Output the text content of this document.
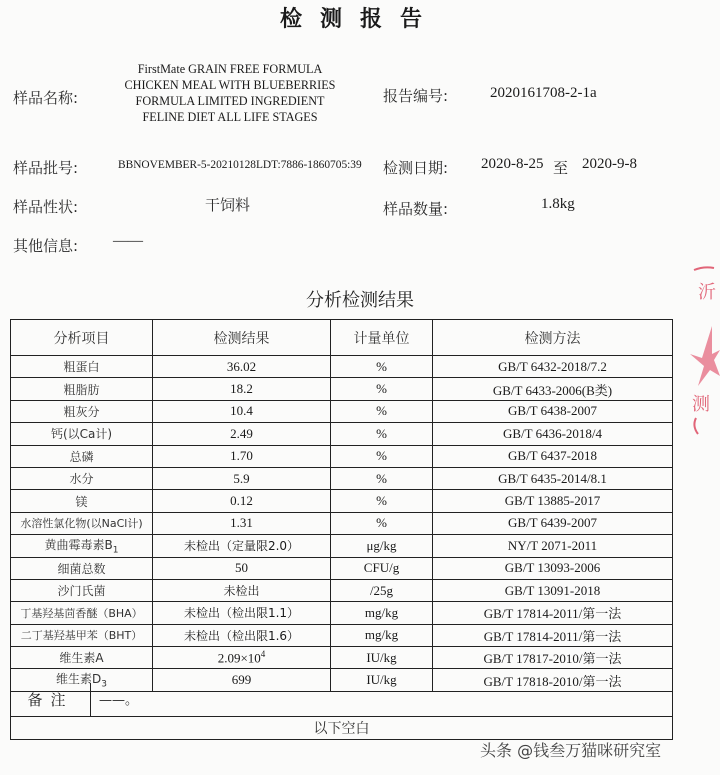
检测报告
样品名称:
FirstMate GRAIN FREE FORMULA
CHICKEN MEAL WITH BLUEBERRIES
FORMULA LIMITED INGREDIENT
FELINE DIET ALL LIFE STAGES
报告编号:	2020161708-2-1a
样品批号:	BBNOVEMBER-5-20210128LDT:7886-1860705:39 检测日期: 2020-8-25 至 2020-9-8
样品性状:	干饲料	样品数量:	1.8kg
其他信息: ——
分析检测结果
分析项目	检测结果	计量单位	检测方法
粗蛋白	36.02	%	GB/T 6432-2018/7.2
粗脂肪	18.2	%	GB/T 6433-2006(B类)
粗灰分	10.4	%	GB/T 6438-2007
钙(以Ca计)	2.49	%	GB/T 6436-2018/4
总磷	1.70	%	GB/T 6437-2018
水分	5.9	%	GB/T 6435-2014/8.1
镁	0.12	%	GB/T 13885-2017
水溶性氯化物(以NaCl计)	1.31	%	GB/T 6439-2007
黄曲霉毒素$B_1$	未检出（定量限2.0）	μg/kg	NY/T 2071-2011
细菌总数	50	CFU/g	GB/T 13093-2006
沙门氏菌	未检出	/25g	GB/T 13091-2018
丁基羟基茴香醚（BHA）	未检出（检出限1.1）	mg/kg	GB/T 17814-2011/第一法
二丁基羟基甲苯（BHT）	未检出（检出限1.6）	mg/kg	GB/T 17814-2011/第一法
维生素A	$2.09\times 10^4$	IU/kg	GB/T 17817-2010/第一法
维生素$D_3$	699	IU/kg	GB/T 17818-2010/第一法
备注	——。
以下空白
沂
测
头条 @钱叁万猫咪研究室
